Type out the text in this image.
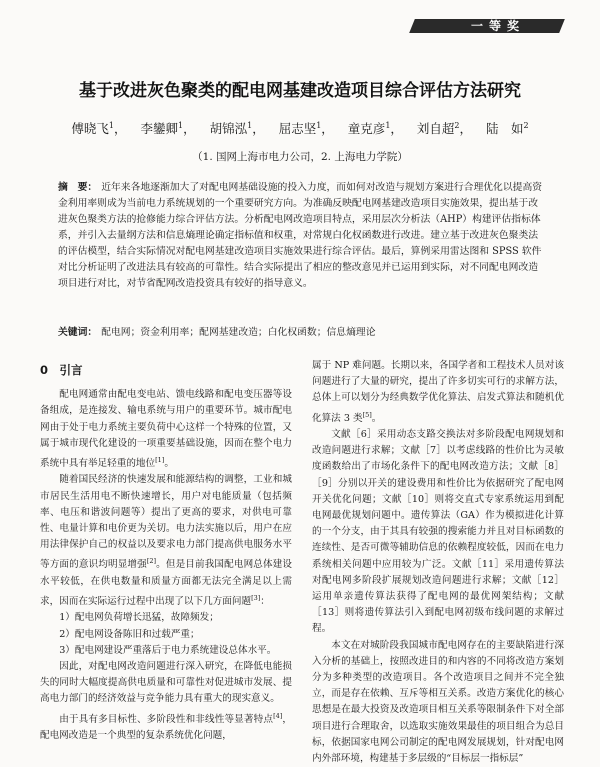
一等奖
基于改进灰色聚类的配电网基建改造项目综合评估方法研究
傅晓飞$^1$， 李鑾卿$^1$， 胡锦泓$^1$， 屈志坚$^1$， 童克彦$^1$， 刘自超$^2$， 陆　如$^2$
（1. 国网上海市电力公司，2. 上海电力学院）
摘　要： 近年来各地逐渐加大了对配电网基础设施的投入力度，而如何对改造与规划方案进行合理优化以提高资金利用率则成为当前电力系统规划的一个重要研究方向。为准确反映配电网基建改造项目实施效果，提出基于改进灰色聚类方法的抢修能力综合评估方法。分析配电网改造项目特点，采用层次分析法（AHP）构建评估指标体系，并引入去量纲方法和信息熵理论确定指标值和权重，对常规白化权函数进行改进。建立基于改进灰色聚类法的评估模型，结合实际情况对配电网基建改造项目实施效果进行综合评估。最后，算例采用雷达图和 SPSS 软件对比分析证明了改进法具有较高的可靠性。结合实际提出了相应的整改意见并已运用到实际，对不同配电网改造项目进行对比，对节省配网改造投资具有较好的指导意义。
关键词： 配电网；资金利用率；配网基建改造；白化权函数；信息熵理论
0　引言

配电网通常由配电变电站、馈电线路和配电变压器等设备组成，是连接发、输电系统与用户的重要环节。城市配电网由于处于电力系统主要负荷中心这样一个特殊的位置，又属于城市现代化建设的一项重要基础设施，因而在整个电力系统中具有举足轻重的地位[1]。

随着国民经济的快速发展和能源结构的调整，工业和城市居民生活用电不断快速增长，用户对电能质量（包括频率、电压和谐波问题等）提出了更高的要求，对供电可靠性、电量计算和电价更为关切。电力法实施以后，用户在应用法律保护自己的权益以及要求电力部门提高供电服务水平等方面的意识均明显增强[2]。但是目前我国配电网总体建设水平较低，在供电数量和质量方面都无法完全满足以上需求，因而在实际运行过程中出现了以下几方面问题[3]：

1）配电网负荷增长迅猛，故障频发；

2）配电网设备陈旧和过载严重；

3）配电网建设严重落后于电力系统建设总体水平。

因此，对配电网改造问题进行深入研究，在降低电能损失的同时大幅度提高供电质量和可靠性对促进城市发展、提高电力部门的经济效益与竞争能力具有重大的现实意义。

由于具有多目标性、多阶段性和非线性等显著特点[4]，配电网改造是一个典型的复杂系统优化问题，

属于 NP 难问题。长期以来，各国学者和工程技术人员对该问题进行了大量的研究，提出了许多切实可行的求解方法，总体上可以划分为经典数学优化算法、启发式算法和随机优化算法 3 类[5]。

文献［6］采用动态支路交换法对多阶段配电网规划和改造问题进行求解；文献［7］以考虑线路的性价比为灵敏度函数给出了市场化条件下的配电网改造方法；文献［8］［9］分别以开关的建设费用和性价比为依据研究了配电网开关优化问题；文献［10］则将交直式专家系统运用到配电网最优规划问题中。遗传算法（GA）作为模拟进化计算的一个分支，由于其具有较强的搜索能力并且对目标函数的连续性、是否可微等辅助信息的依赖程度较低，因而在电力系统相关问题中应用较为广泛。文献［11］采用遗传算法对配电网多阶段扩展规划改造问题进行求解；文献［12］运用单亲遗传算法获得了配电网的最优网架结构；文献［13］则将遗传算法引入到配电网初级布线问题的求解过程。

本文在对城阶段我国城市配电网存在的主要缺陷进行深入分析的基础上，按照改进目的和内容的不同将改造方案划分为多种类型的改造项目。各个改造项目之间并不完全独立，而是存在依赖、互斥等相互关系。改造方案优化的核心思想是在最大投资及改造项目相互关系等限制条件下对全部项目进行合理取舍，以选取实施效果最佳的项目组合为总目标，依据国家电网公司制定的配电网发展规划，针对配电网内外部环境，构建基于多层级的“目标层一指标层”
